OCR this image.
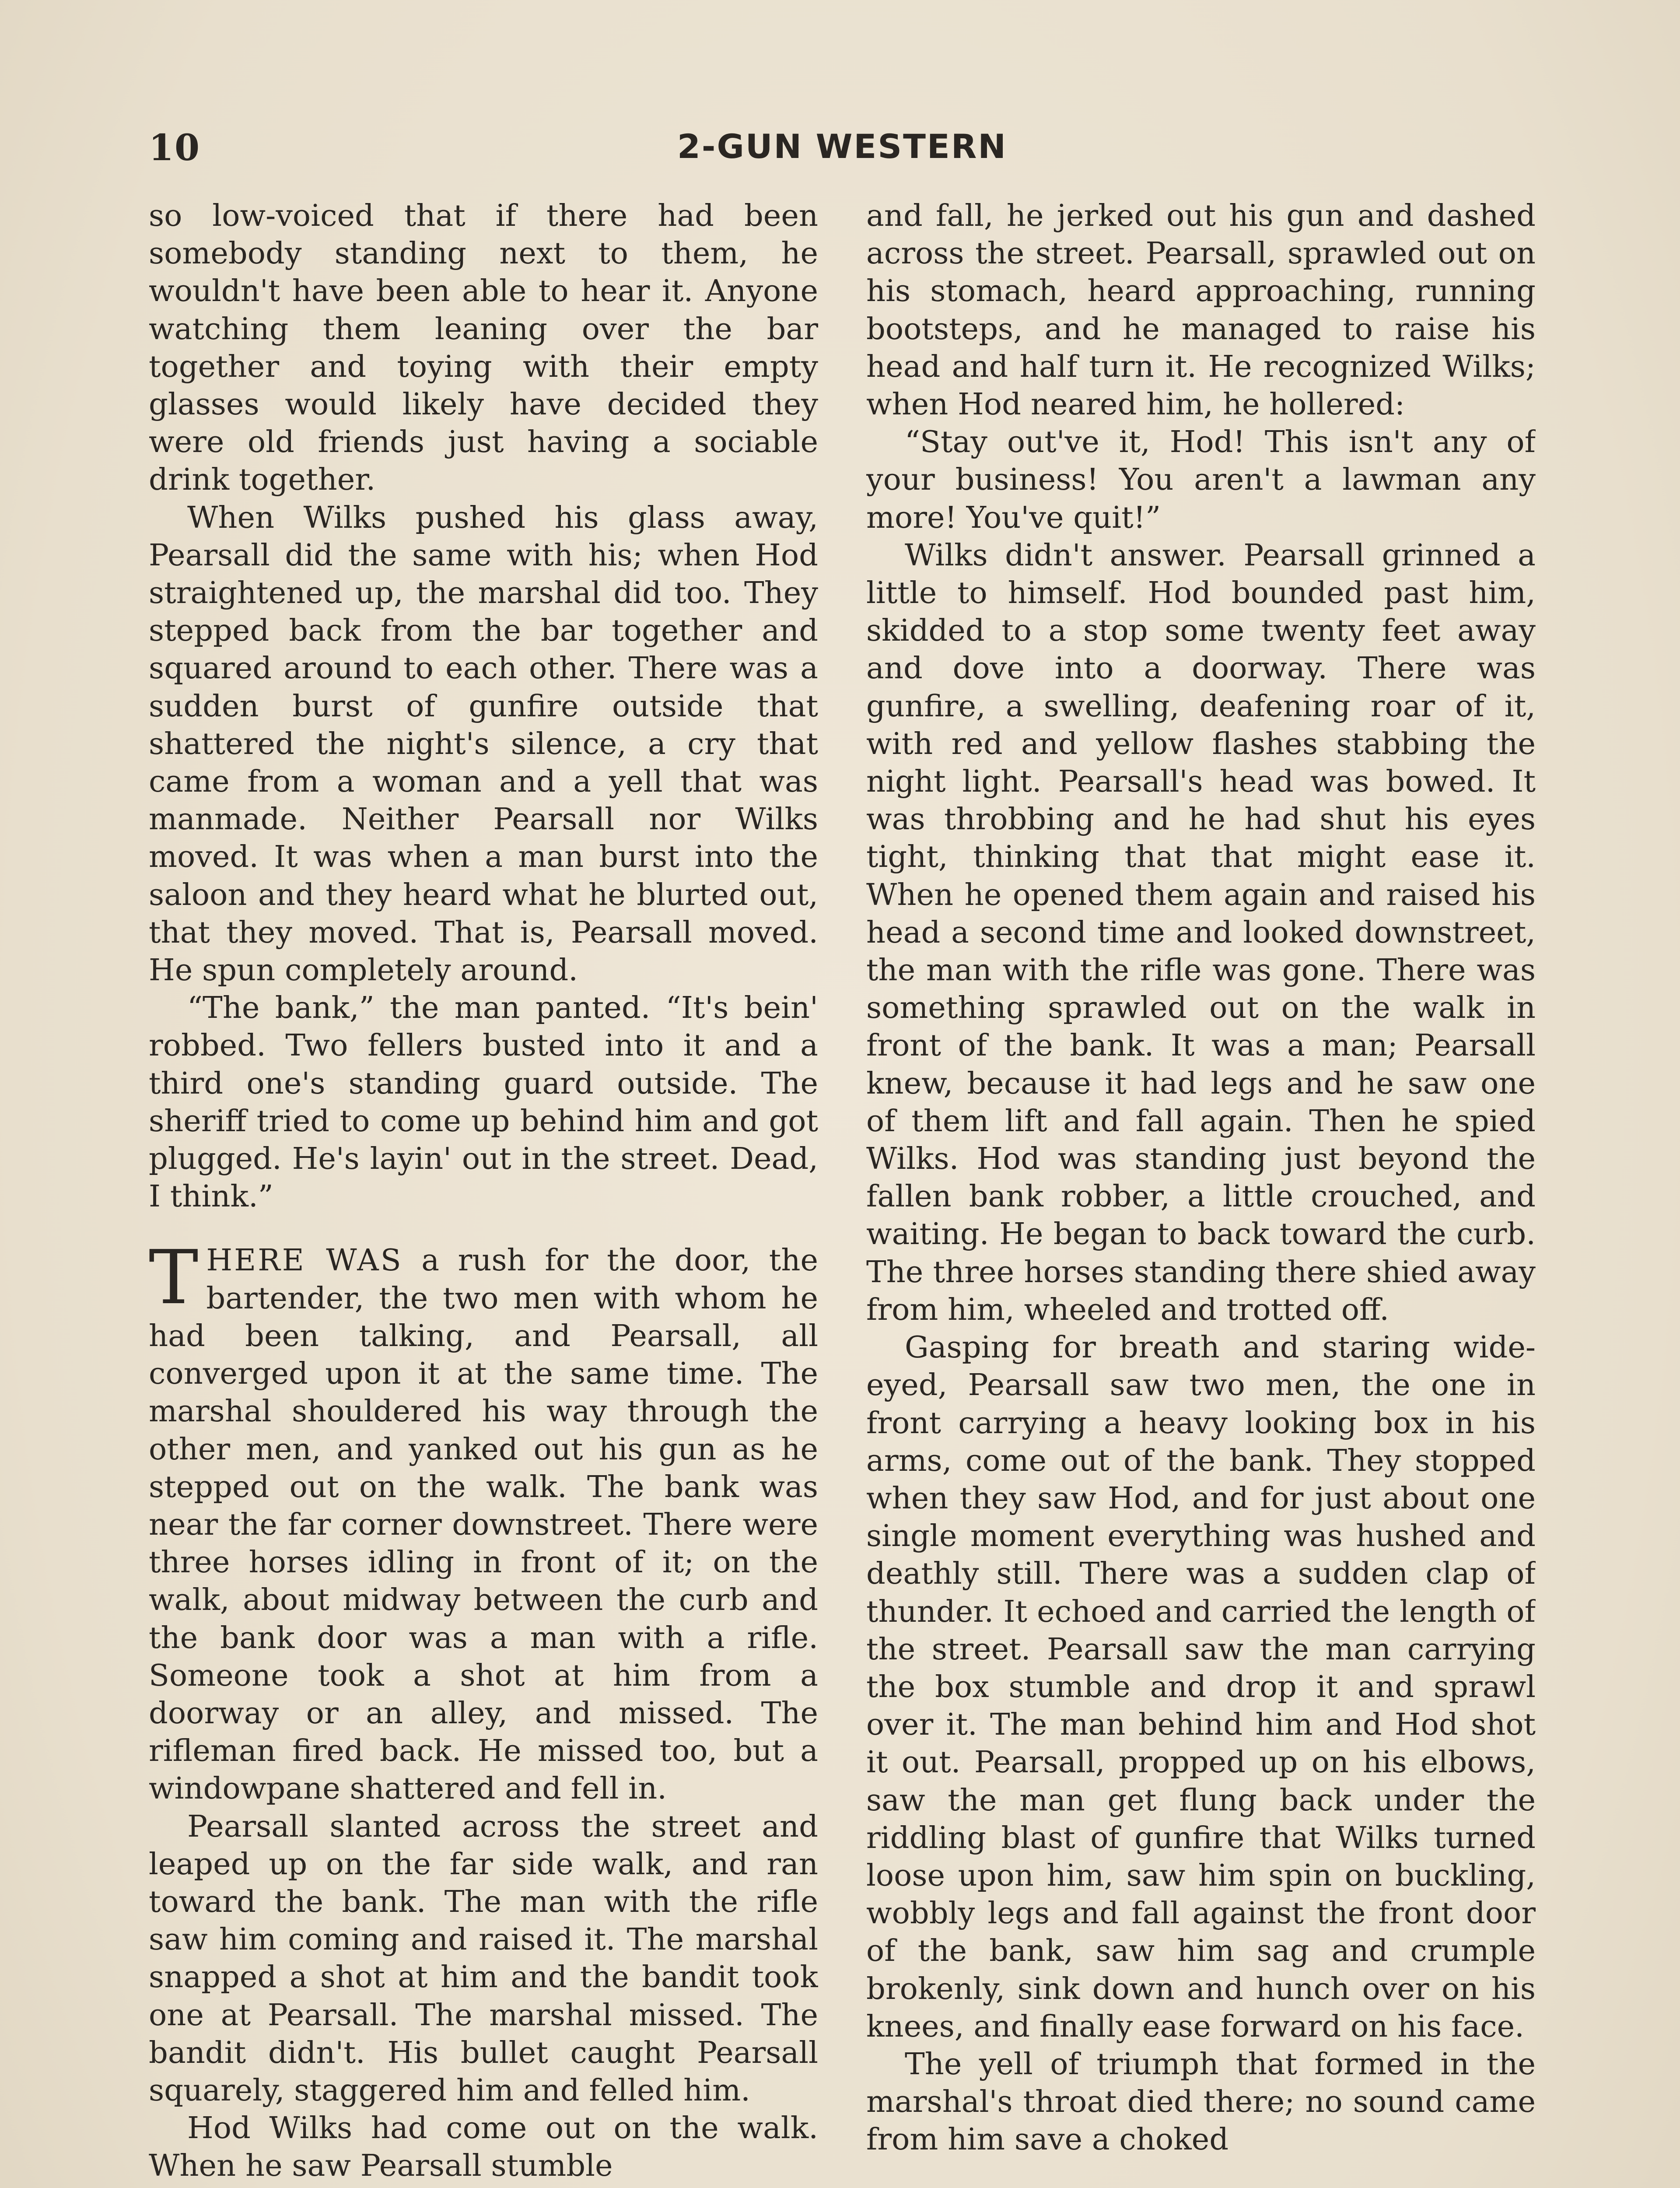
10	2-GUN WESTERN

so low-voiced that if there had been somebody standing next to them, he wouldn't have been able to hear it. Anyone watching them leaning over the bar together and toying with their empty glasses would likely have decided they were old friends just having a sociable drink together.

When Wilks pushed his glass away, Pearsall did the same with his; when Hod straightened up, the marshal did too. They stepped back from the bar together and squared around to each other. There was a sudden burst of gunfire outside that shattered the night's silence, a cry that came from a woman and a yell that was manmade. Neither Pearsall nor Wilks moved. It was when a man burst into the saloon and they heard what he blurted out, that they moved. That is, Pearsall moved. He spun completely around.

“The bank,” the man panted. “It's bein' robbed. Two fellers busted into it and a third one's standing guard outside. The sheriff tried to come up behind him and got plugged. He's layin' out in the street. Dead, I think.”

THERE WAS a rush for the door, the bartender, the two men with whom he had been talking, and Pearsall, all converged upon it at the same time. The marshal shouldered his way through the other men, and yanked out his gun as he stepped out on the walk. The bank was near the far corner downstreet. There were three horses idling in front of it; on the walk, about midway between the curb and the bank door was a man with a rifle. Someone took a shot at him from a doorway or an alley, and missed. The rifleman fired back. He missed too, but a windowpane shattered and fell in.

Pearsall slanted across the street and leaped up on the far side walk, and ran toward the bank. The man with the rifle saw him coming and raised it. The marshal snapped a shot at him and the bandit took one at Pearsall. The marshal missed. The bandit didn't. His bullet caught Pearsall squarely, staggered him and felled him.

Hod Wilks had come out on the walk. When he saw Pearsall stumble

and fall, he jerked out his gun and dashed across the street. Pearsall, sprawled out on his stomach, heard approaching, running bootsteps, and he managed to raise his head and half turn it. He recognized Wilks; when Hod neared him, he hollered:

“Stay out've it, Hod! This isn't any of your business! You aren't a lawman any more! You've quit!”

Wilks didn't answer. Pearsall grinned a little to himself. Hod bounded past him, skidded to a stop some twenty feet away and dove into a doorway. There was gunfire, a swelling, deafening roar of it, with red and yellow flashes stabbing the night light. Pearsall's head was bowed. It was throbbing and he had shut his eyes tight, thinking that that might ease it. When he opened them again and raised his head a second time and looked downstreet, the man with the rifle was gone. There was something sprawled out on the walk in front of the bank. It was a man; Pearsall knew, because it had legs and he saw one of them lift and fall again. Then he spied Wilks. Hod was standing just beyond the fallen bank robber, a little crouched, and waiting. He began to back toward the curb. The three horses standing there shied away from him, wheeled and trotted off.

Gasping for breath and staring wide-eyed, Pearsall saw two men, the one in front carrying a heavy looking box in his arms, come out of the bank. They stopped when they saw Hod, and for just about one single moment everything was hushed and deathly still. There was a sudden clap of thunder. It echoed and carried the length of the street. Pearsall saw the man carrying the box stumble and drop it and sprawl over it. The man behind him and Hod shot it out. Pearsall, propped up on his elbows, saw the man get flung back under the riddling blast of gunfire that Wilks turned loose upon him, saw him spin on buckling, wobbly legs and fall against the front door of the bank, saw him sag and crumple brokenly, sink down and hunch over on his knees, and finally ease forward on his face.

The yell of triumph that formed in the marshal's throat died there; no sound came from him save a choked
